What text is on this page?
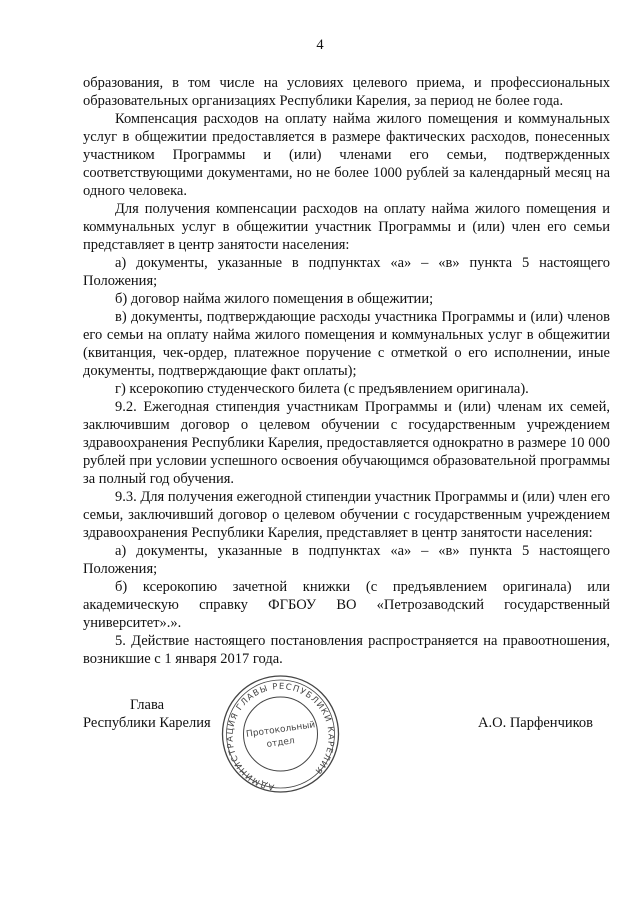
4

образования, в том числе на условиях целевого приема, и профессиональных образовательных организациях Республики Карелия, за период не более года.

Компенсация расходов на оплату найма жилого помещения и коммунальных услуг в общежитии предоставляется в размере фактических расходов, понесенных участником Программы и (или) членами его семьи, подтвержденных соответствующими документами, но не более 1000 рублей за календарный месяц на одного человека.

Для получения компенсации расходов на оплату найма жилого помещения и коммунальных услуг в общежитии участник Программы и (или) член его семьи представляет в центр занятости населения:

а) документы, указанные в подпунктах «а» – «в» пункта 5 настоящего Положения;

б) договор найма жилого помещения в общежитии;

в) документы, подтверждающие расходы участника Программы и (или) членов его семьи на оплату найма жилого помещения и коммунальных услуг в общежитии (квитанция, чек-ордер, платежное поручение с отметкой о его исполнении, иные документы, подтверждающие факт оплаты);

г) ксерокопию студенческого билета (с предъявлением оригинала).

9.2. Ежегодная стипендия участникам Программы и (или) членам их семей, заключившим договор о целевом обучении с государственным учреждением здравоохранения Республики Карелия, предоставляется однократно в размере 10 000 рублей при условии успешного освоения обучающимся образовательной программы за полный год обучения.

9.3. Для получения ежегодной стипендии участник Программы и (или) член его семьи, заключивший договор о целевом обучении с государственным учреждением здравоохранения Республики Карелия, представляет в центр занятости населения:

а) документы, указанные в подпунктах «а» – «в» пункта 5 настоящего Положения;

б) ксерокопию зачетной книжки (с предъявлением оригинала) или академическую справку ФГБОУ ВО «Петрозаводский государственный университет».».

5. Действие настоящего постановления распространяется на правоотношения, возникшие с 1 января 2017 года.

Глава
Республики Карелия	А.О. Парфенчиков
АДМИНИСТРАЦИЯ ГЛАВЫ РЕСПУБЛИКИ КАРЕЛИЯ
Протокольный
отдел
